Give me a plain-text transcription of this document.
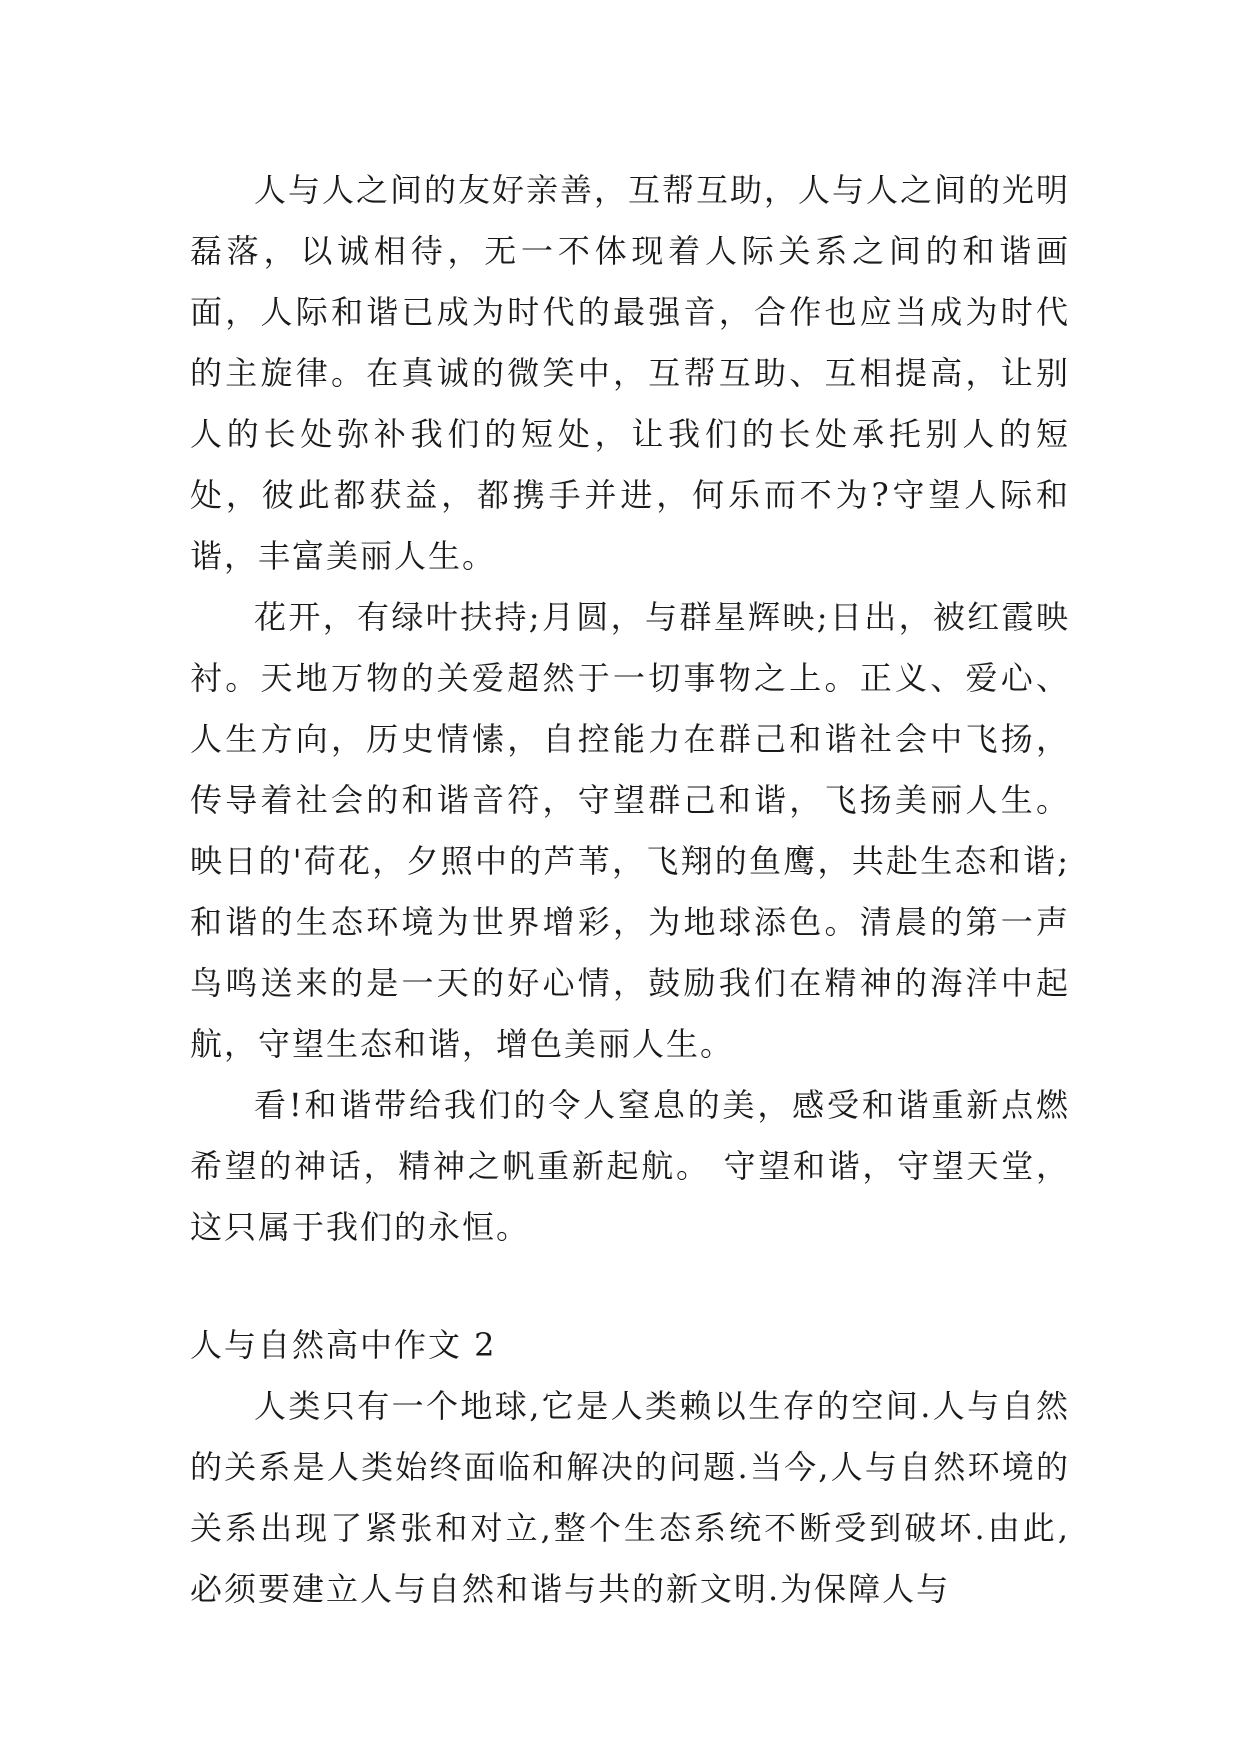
人与人之间的友好亲善，互帮互助，人与人之间的光明磊落，以诚相待，无一不体现着人际关系之间的和谐画面，人际和谐已成为时代的最强音，合作也应当成为时代的主旋律。在真诚的微笑中，互帮互助、互相提高，让别人的长处弥补我们的短处，让我们的长处承托别人的短处，彼此都获益，都携手并进，何乐而不为?守望人际和谐，丰富美丽人生。

花开，有绿叶扶持;月圆，与群星辉映;日出，被红霞映衬。天地万物的关爱超然于一切事物之上。正义、爱心、人生方向，历史情愫，自控能力在群己和谐社会中飞扬，传导着社会的和谐音符，守望群己和谐，飞扬美丽人生。 映日的'荷花，夕照中的芦苇，飞翔的鱼鹰，共赴生态和谐;和谐的生态环境为世界增彩，为地球添色。清晨的第一声鸟鸣送来的是一天的好心情，鼓励我们在精神的海洋中起航，守望生态和谐，增色美丽人生。

看!和谐带给我们的令人窒息的美，感受和谐重新点燃希望的神话，精神之帆重新起航。 守望和谐，守望天堂，这只属于我们的永恒。

人与自然高中作文 2

人类只有一个地球,它是人类赖以生存的空间.人与自然的关系是人类始终面临和解决的问题.当今,人与自然环境的关系出现了紧张和对立,整个生态系统不断受到破坏.由此,必须要建立人与自然和谐与共的新文明.为保障人与
